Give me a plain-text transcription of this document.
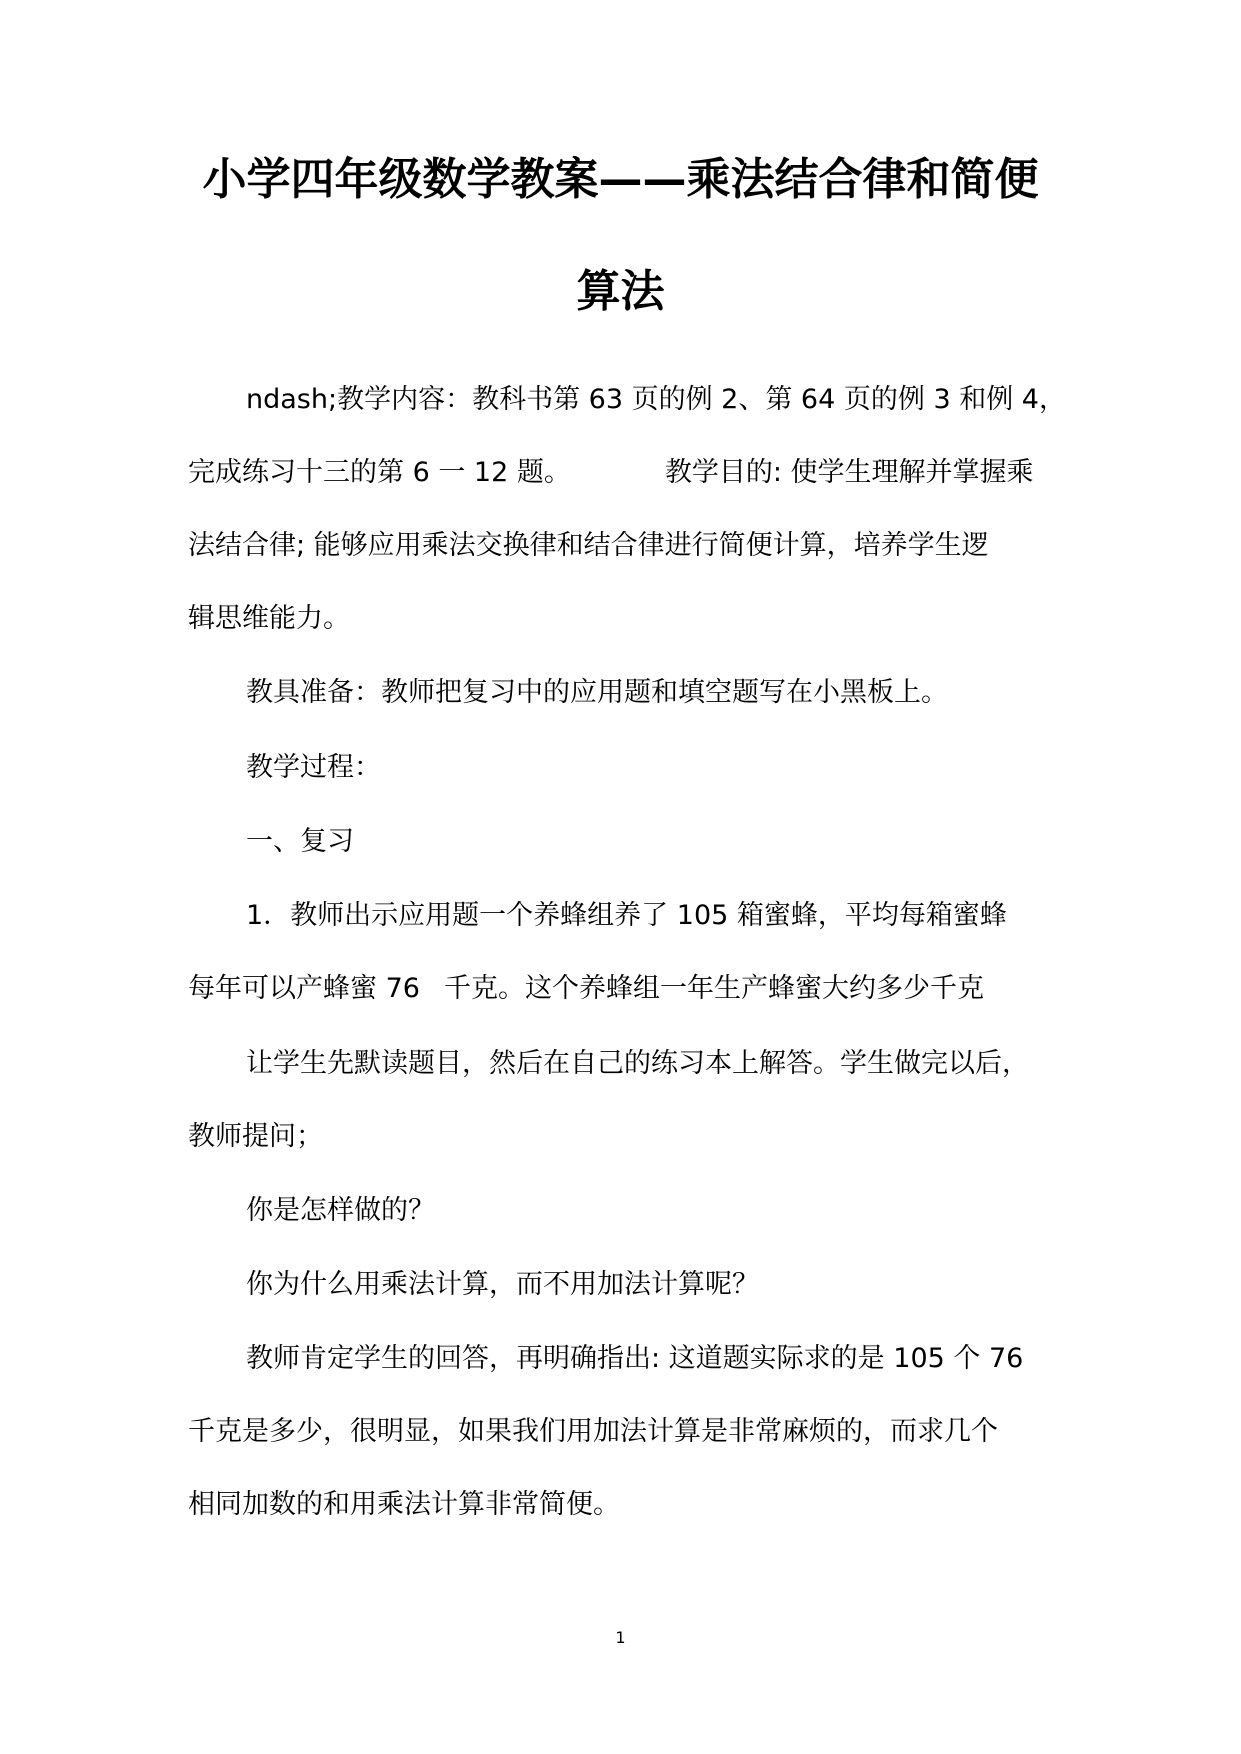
小学四年级数学教案——乘法结合律和简便
算法

ndash;教学内容：教科书第 63 页的例 2、第 64 页的例 3 和例 4，

完成练习十三的第 6 一 12 题。	教学目的: 使学生理解并掌握乘

法结合律; 能够应用乘法交换律和结合律进行简便计算，培养学生逻

辑思维能力。

教具准备：教师把复习中的应用题和填空题写在小黑板上。

教学过程：

一、复习

1．教师出示应用题一个养蜂组养了 105 箱蜜蜂，平均每箱蜜蜂

每年可以产蜂蜜 76 千克。这个养蜂组一年生产蜂蜜大约多少千克

让学生先默读题目，然后在自己的练习本上解答。学生做完以后，

教师提问；

你是怎样做的？

你为什么用乘法计算，而不用加法计算呢？

教师肯定学生的回答，再明确指出: 这道题实际求的是 105 个 76

千克是多少，很明显，如果我们用加法计算是非常麻烦的，而求几个

相同加数的和用乘法计算非常简便。

1
